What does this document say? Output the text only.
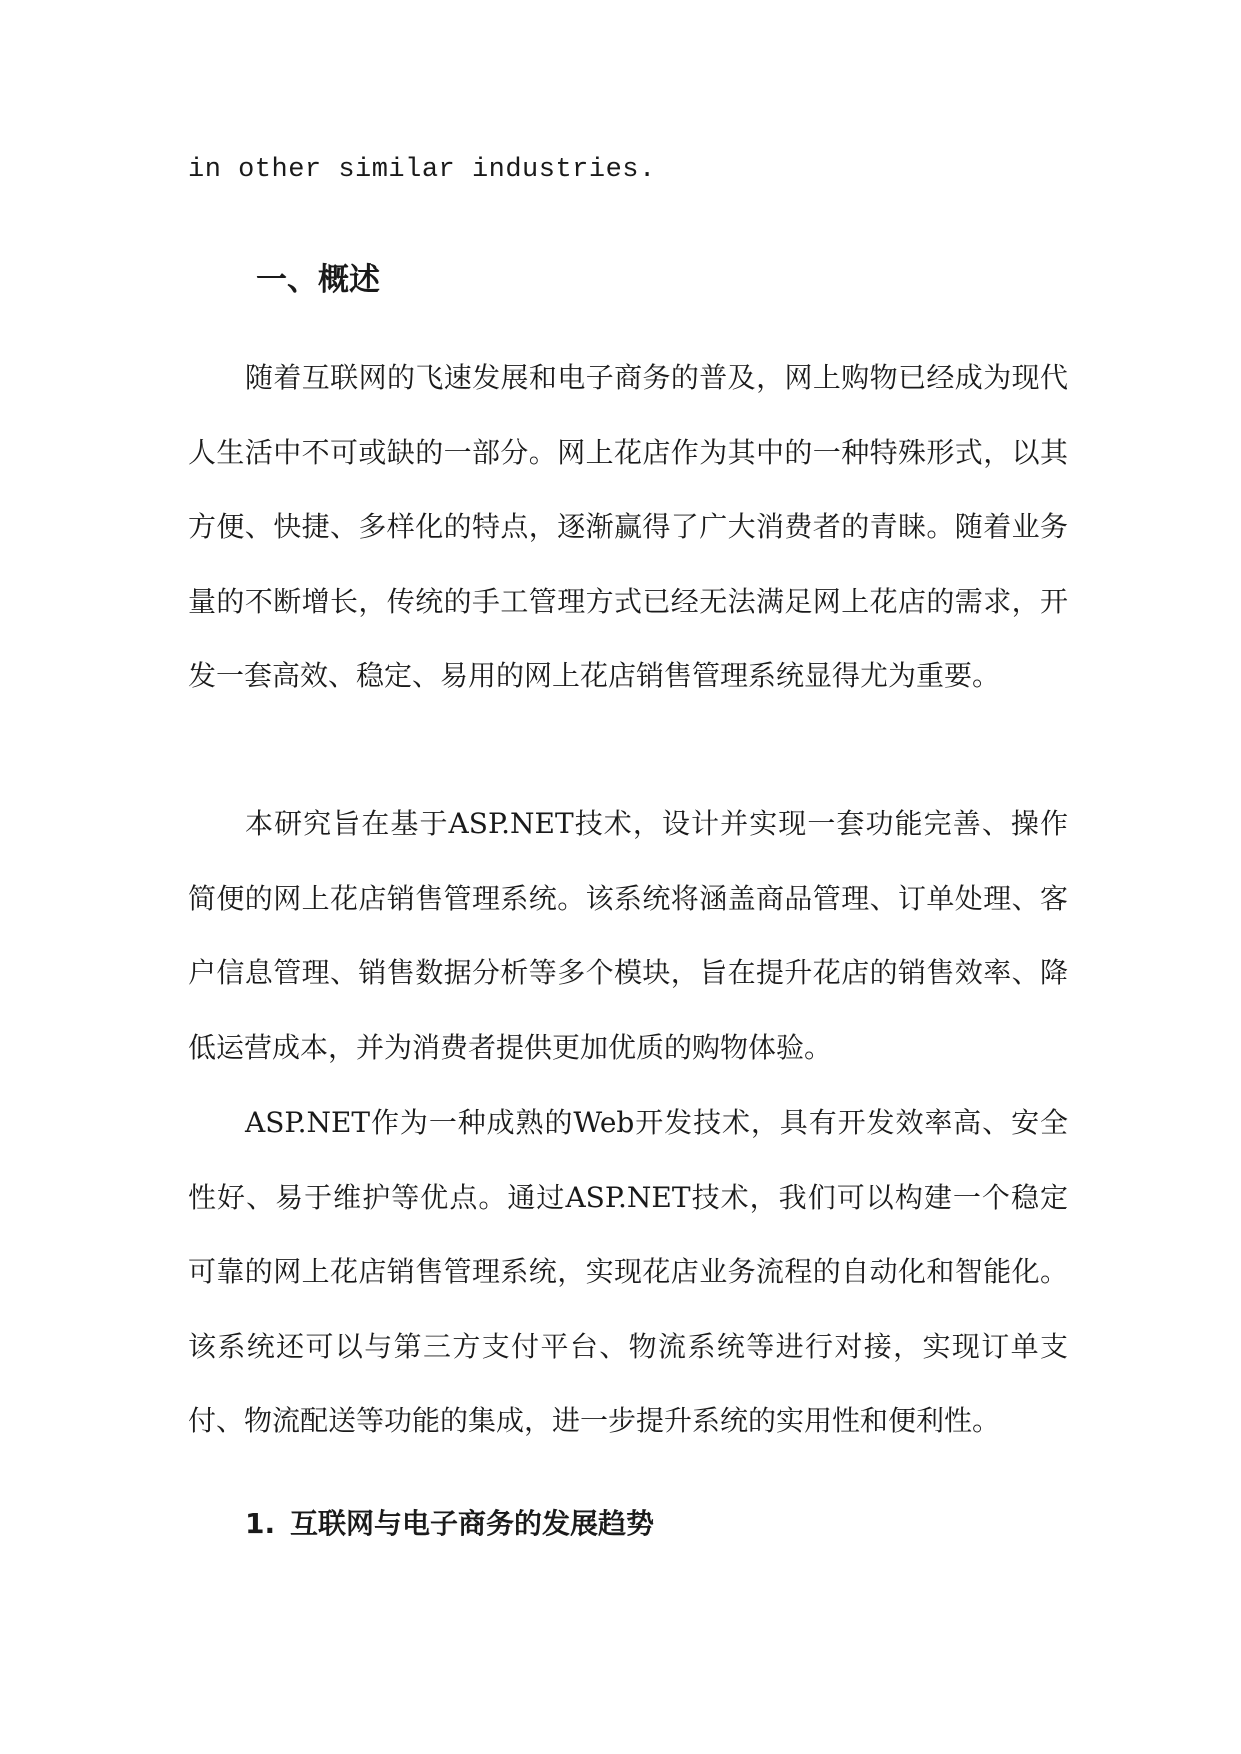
in other similar industries.
一、概述

随着互联网的飞速发展和电子商务的普及，网上购物已经成为现代人生活中不可或缺的一部分。网上花店作为其中的一种特殊形式，以其方便、快捷、多样化的特点，逐渐赢得了广大消费者的青睐。随着业务量的不断增长，传统的手工管理方式已经无法满足网上花店的需求，开发一套高效、稳定、易用的网上花店销售管理系统显得尤为重要。

本研究旨在基于ASP.NET技术，设计并实现一套功能完善、操作简便的网上花店销售管理系统。该系统将涵盖商品管理、订单处理、客户信息管理、销售数据分析等多个模块，旨在提升花店的销售效率、降低运营成本，并为消费者提供更加优质的购物体验。

ASP.NET作为一种成熟的Web开发技术，具有开发效率高、安全性好、易于维护等优点。通过ASP.NET技术，我们可以构建一个稳定可靠的网上花店销售管理系统，实现花店业务流程的自动化和智能化。该系统还可以与第三方支付平台、物流系统等进行对接，实现订单支付、物流配送等功能的集成，进一步提升系统的实用性和便利性。

1. 互联网与电子商务的发展趋势
